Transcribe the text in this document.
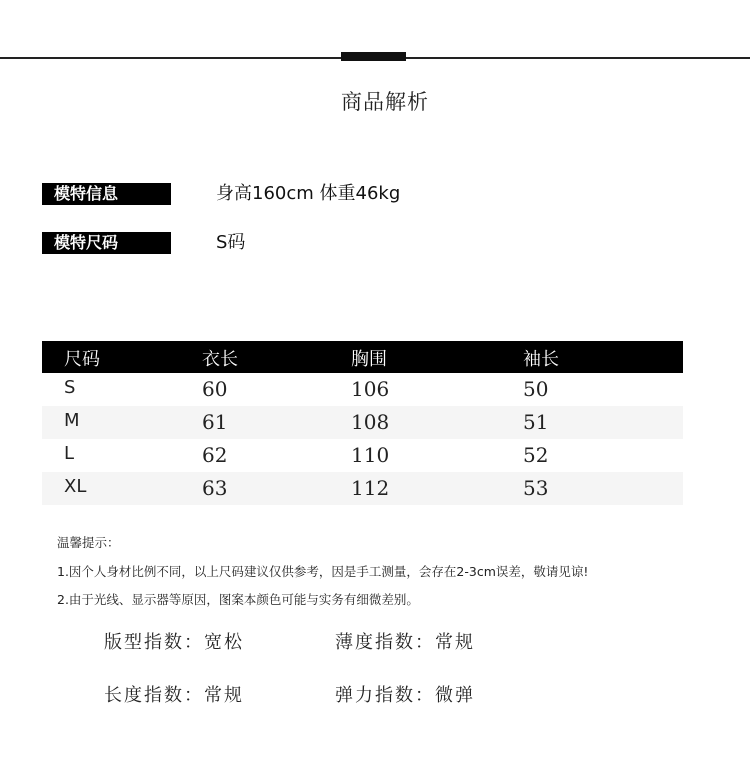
商品解析
模特信息	身高160cm 体重46kg
模特尺码	S码
尺码	衣长	胸围	袖长
S	60	106	50
M	61	108	51
L	62	110	52
XL	63	112	53
温馨提示：
1.因个人身材比例不同，以上尺码建议仅供参考，因是手工测量，会存在2-3cm误差，敬请见谅!
2.由于光线、显示器等原因，图案本颜色可能与实务有细微差别。
版型指数：宽松	薄度指数：常规
长度指数：常规	弹力指数：微弹
